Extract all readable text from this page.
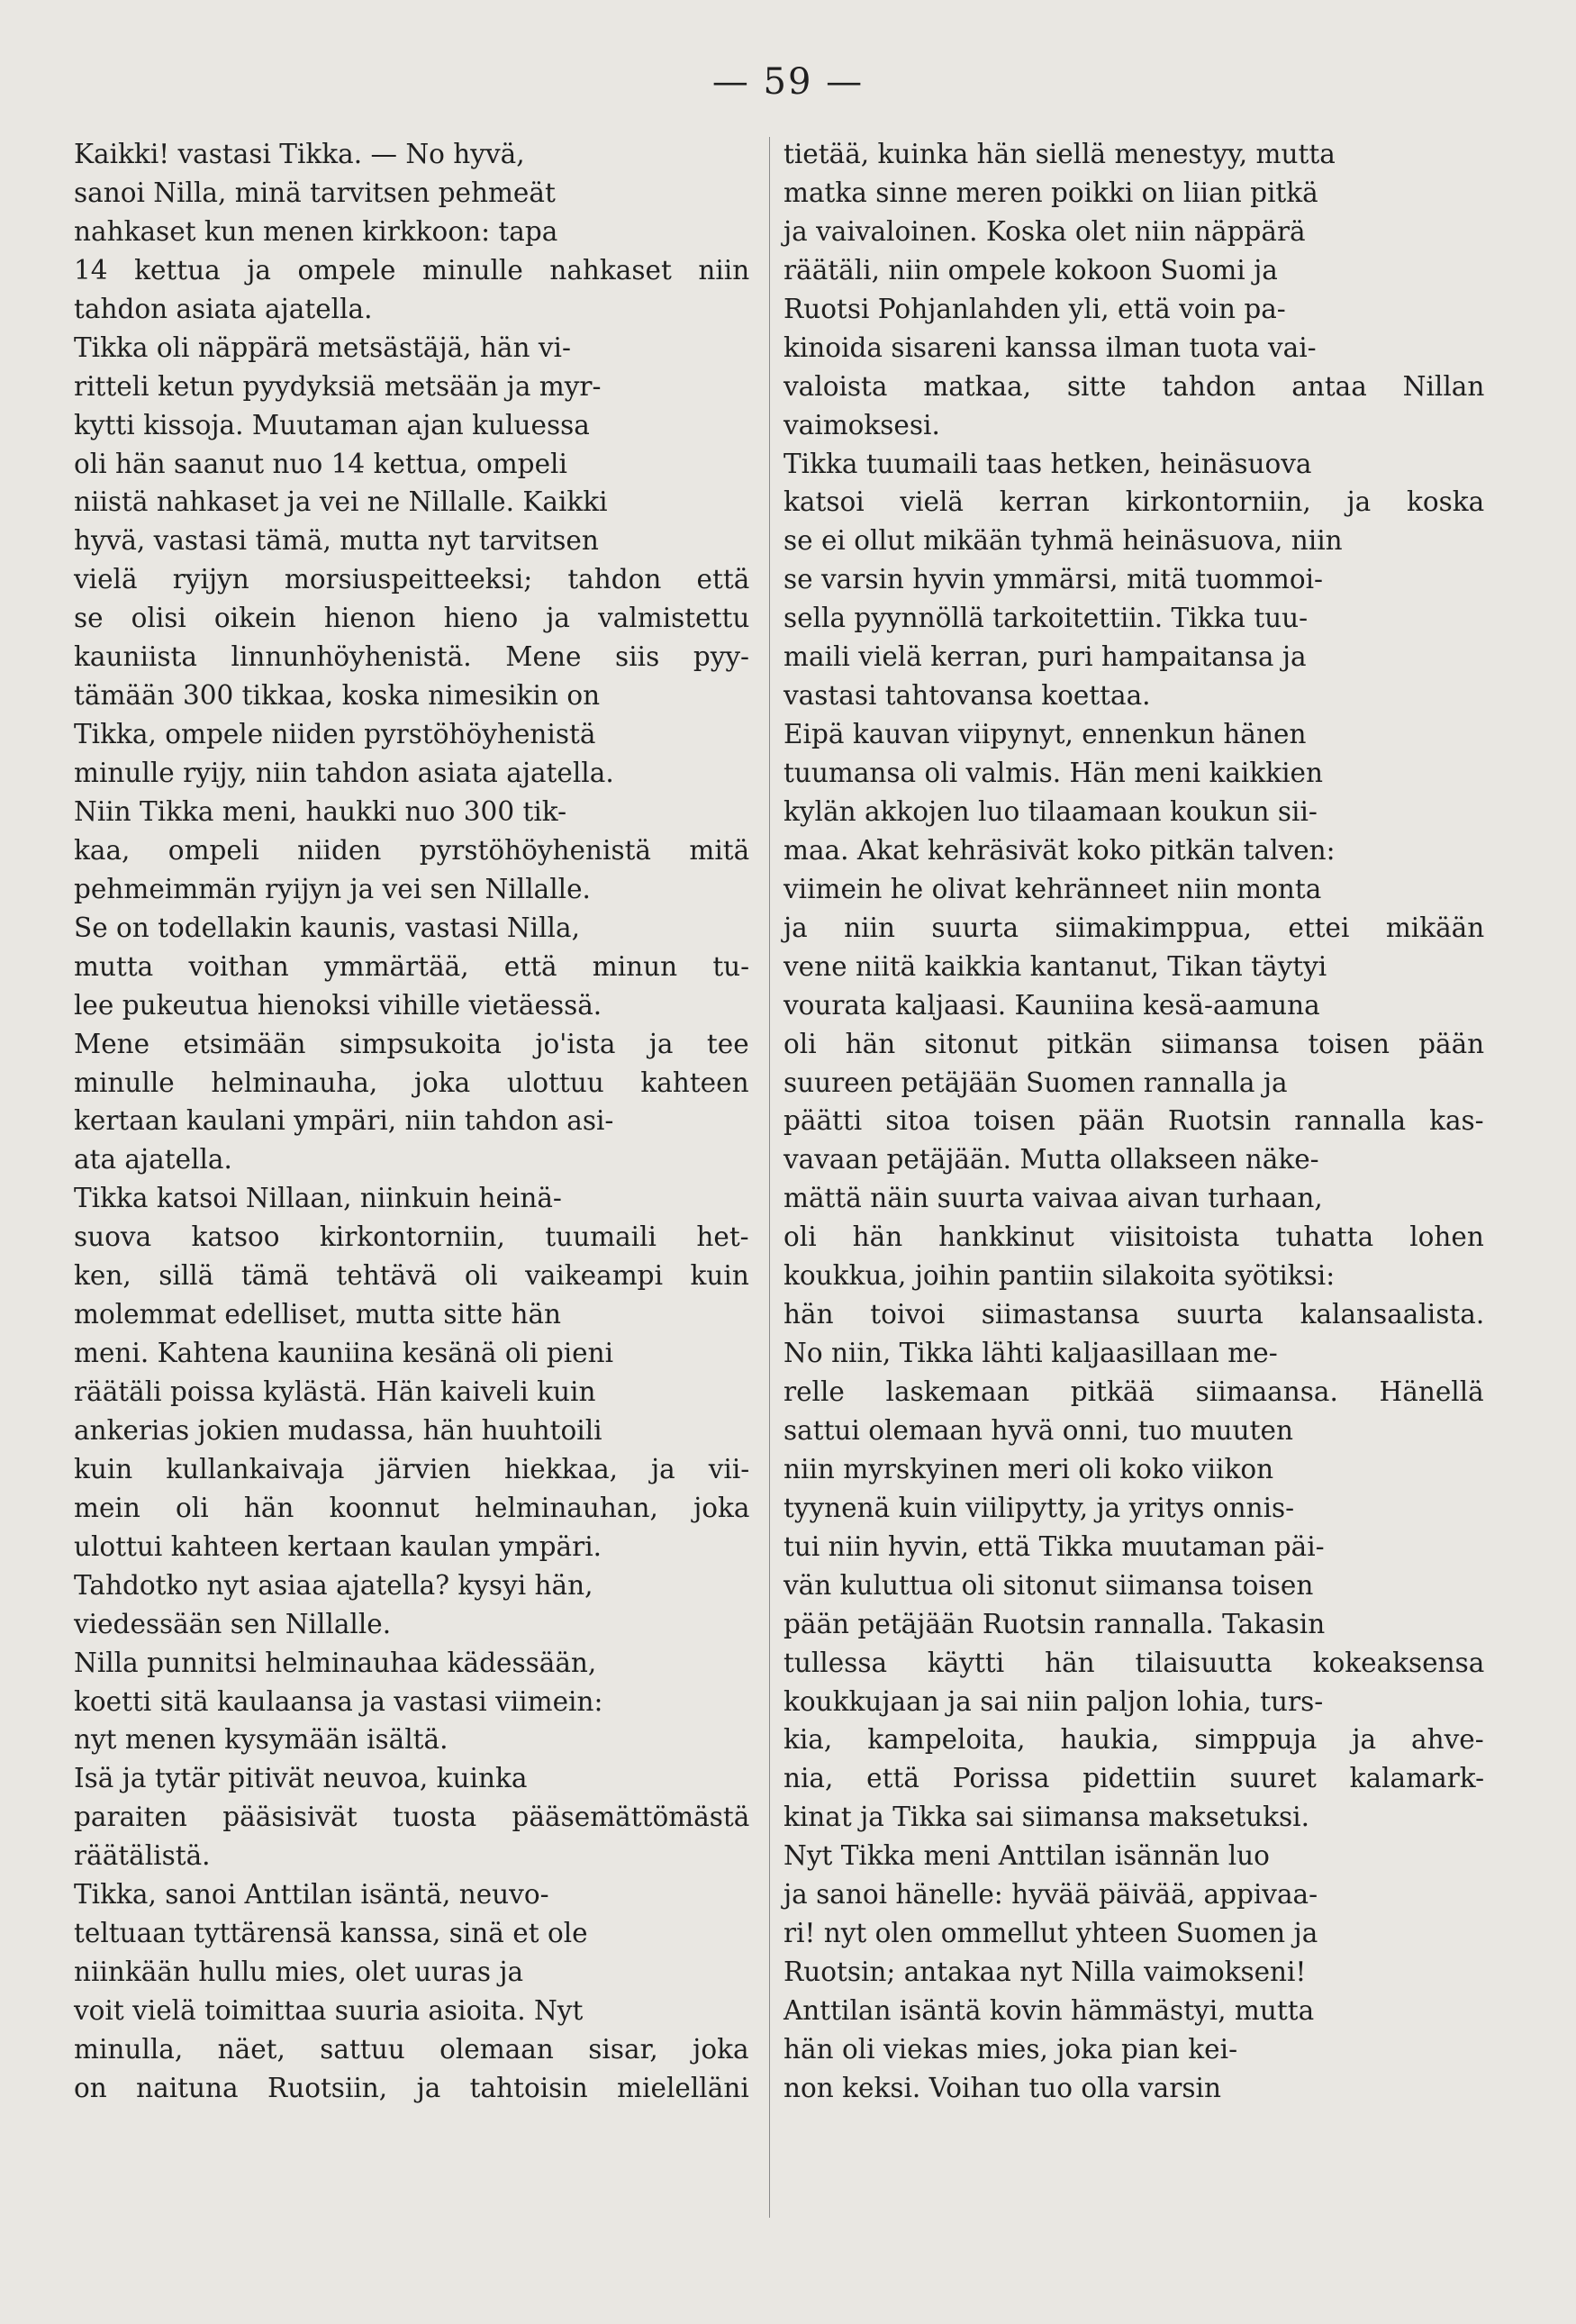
— 59 —
Kaikki! vastasi Tikka. — No hyvä,
sanoi Nilla, minä tarvitsen pehmeät
nahkaset kun menen kirkkoon: tapa
14 kettua ja ompele minulle nahkaset niin
tahdon asiata ajatella.
Tikka oli näppärä metsästäjä, hän vi-
ritteli ketun pyydyksiä metsään ja myr-
kytti kissoja. Muutaman ajan kuluessa
oli hän saanut nuo 14 kettua, ompeli
niistä nahkaset ja vei ne Nillalle. Kaikki
hyvä, vastasi tämä, mutta nyt tarvitsen
vielä ryijyn morsiuspeitteeksi; tahdon että
se olisi oikein hienon hieno ja valmistettu
kauniista linnunhöyhenistä. Mene siis pyy-
tämään 300 tikkaa, koska nimesikin on
Tikka, ompele niiden pyrstöhöyhenistä
minulle ryijy, niin tahdon asiata ajatella.
Niin Tikka meni, haukki nuo 300 tik-
kaa, ompeli niiden pyrstöhöyhenistä mitä
pehmeimmän ryijyn ja vei sen Nillalle.
Se on todellakin kaunis, vastasi Nilla,
mutta voithan ymmärtää, että minun tu-
lee pukeutua hienoksi vihille vietäessä.
Mene etsimään simpsukoita jo'ista ja tee
minulle helminauha, joka ulottuu kahteen
kertaan kaulani ympäri, niin tahdon asi-
ata ajatella.
Tikka katsoi Nillaan, niinkuin heinä-
suova katsoo kirkontorniin, tuumaili het-
ken, sillä tämä tehtävä oli vaikeampi kuin
molemmat edelliset, mutta sitte hän
meni. Kahtena kauniina kesänä oli pieni
räätäli poissa kylästä. Hän kaiveli kuin
ankerias jokien mudassa, hän huuhtoili
kuin kullankaivaja järvien hiekkaa, ja vii-
mein oli hän koonnut helminauhan, joka
ulottui kahteen kertaan kaulan ympäri.
Tahdotko nyt asiaa ajatella? kysyi hän,
viedessään sen Nillalle.
Nilla punnitsi helminauhaa kädessään,
koetti sitä kaulaansa ja vastasi viimein:
nyt menen kysymään isältä.
Isä ja tytär pitivät neuvoa, kuinka
paraiten pääsisivät tuosta pääsemättömästä
räätälistä.
Tikka, sanoi Anttilan isäntä, neuvo-
teltuaan tyttärensä kanssa, sinä et ole
niinkään hullu mies, olet uuras ja
voit vielä toimittaa suuria asioita. Nyt
minulla, näet, sattuu olemaan sisar, joka
on naituna Ruotsiin, ja tahtoisin mielelläni
tietää, kuinka hän siellä menestyy, mutta
matka sinne meren poikki on liian pitkä
ja vaivaloinen. Koska olet niin näppärä
räätäli, niin ompele kokoon Suomi ja
Ruotsi Pohjanlahden yli, että voin pa-
kinoida sisareni kanssa ilman tuota vai-
valoista matkaa, sitte tahdon antaa Nillan
vaimoksesi.
Tikka tuumaili taas hetken, heinäsuova
katsoi vielä kerran kirkontorniin, ja koska
se ei ollut mikään tyhmä heinäsuova, niin
se varsin hyvin ymmärsi, mitä tuommoi-
sella pyynnöllä tarkoitettiin. Tikka tuu-
maili vielä kerran, puri hampaitansa ja
vastasi tahtovansa koettaa.
Eipä kauvan viipynyt, ennenkun hänen
tuumansa oli valmis. Hän meni kaikkien
kylän akkojen luo tilaamaan koukun sii-
maa. Akat kehräsivät koko pitkän talven:
viimein he olivat kehränneet niin monta
ja niin suurta siimakimppua, ettei mikään
vene niitä kaikkia kantanut, Tikan täytyi
vourata kaljaasi. Kauniina kesä-aamuna
oli hän sitonut pitkän siimansa toisen pään
suureen petäjään Suomen rannalla ja
päätti sitoa toisen pään Ruotsin rannalla kas-
vavaan petäjään. Mutta ollakseen näke-
mättä näin suurta vaivaa aivan turhaan,
oli hän hankkinut viisitoista tuhatta lohen
koukkua, joihin pantiin silakoita syötiksi:
hän toivoi siimastansa suurta kalansaalista.
No niin, Tikka lähti kaljaasillaan me-
relle laskemaan pitkää siimaansa. Hänellä
sattui olemaan hyvä onni, tuo muuten
niin myrskyinen meri oli koko viikon
tyynenä kuin viilipytty, ja yritys onnis-
tui niin hyvin, että Tikka muutaman päi-
vän kuluttua oli sitonut siimansa toisen
pään petäjään Ruotsin rannalla. Takasin
tullessa käytti hän tilaisuutta kokeaksensa
koukkujaan ja sai niin paljon lohia, turs-
kia, kampeloita, haukia, simppuja ja ahve-
nia, että Porissa pidettiin suuret kalamark-
kinat ja Tikka sai siimansa maksetuksi.
Nyt Tikka meni Anttilan isännän luo
ja sanoi hänelle: hyvää päivää, appivaa-
ri! nyt olen ommellut yhteen Suomen ja
Ruotsin; antakaa nyt Nilla vaimokseni!
Anttilan isäntä kovin hämmästyi, mutta
hän oli viekas mies, joka pian kei-
non keksi. Voihan tuo olla varsin
